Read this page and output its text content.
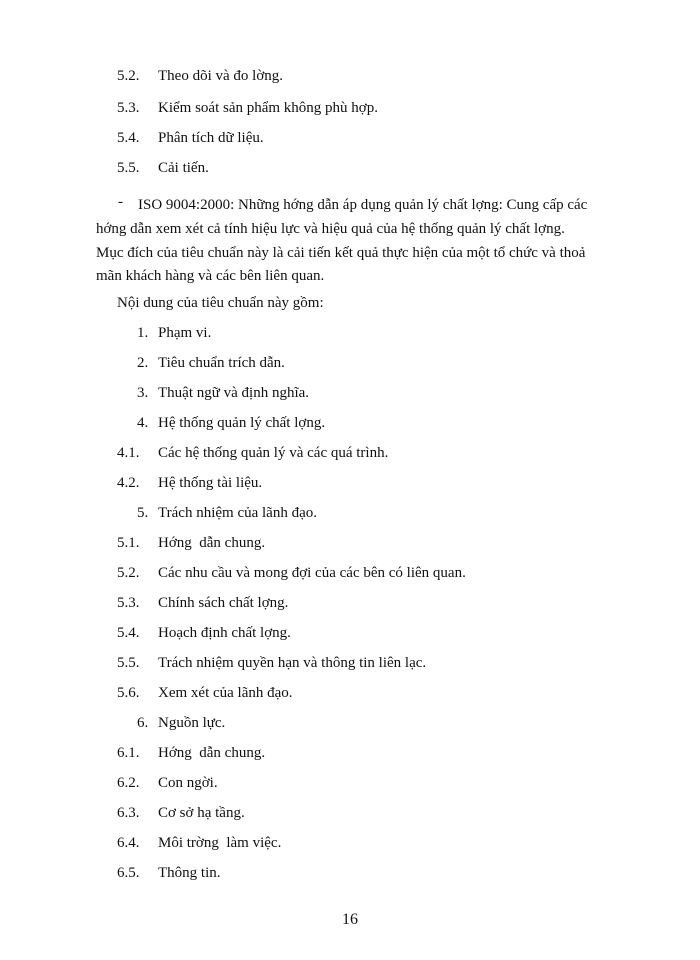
5.2. Theo dõi và đo lờng.
5.3. Kiểm soát sản phẩm không phù hợp.
5.4. Phân tích dữ liệu.
5.5. Cải tiến.
- ISO 9004:2000: Những hớng dẫn áp dụng quản lý chất lợng: Cung cấp các
hớng dẫn xem xét cả tính hiệu lực và hiệu quả của hệ thống quản lý chất lợng.
Mục đích của tiêu chuẩn này là cải tiến kết quả thực hiện của một tổ chức và thoả
mãn khách hàng và các bên liên quan.
Nội dung của tiêu chuẩn này gồm:
1. Phạm vi.
2. Tiêu chuẩn trích dẫn.
3. Thuật ngữ và định nghĩa.
4. Hệ thống quản lý chất lợng.
4.1. Các hệ thống quản lý và các quá trình.
4.2. Hệ thống tài liệu.
5. Trách nhiệm của lãnh đạo.
5.1. Hớng  dẫn chung.
5.2. Các nhu cầu và mong đợi của các bên có liên quan.
5.3. Chính sách chất lợng.
5.4. Hoạch định chất lợng.
5.5. Trách nhiệm quyền hạn và thông tin liên lạc.
5.6. Xem xét của lãnh đạo.
6. Nguồn lực.
6.1. Hớng  dẫn chung.
6.2. Con ngời.
6.3. Cơ sở hạ tầng.
6.4. Môi trờng  làm việc.
6.5. Thông tin.
16
